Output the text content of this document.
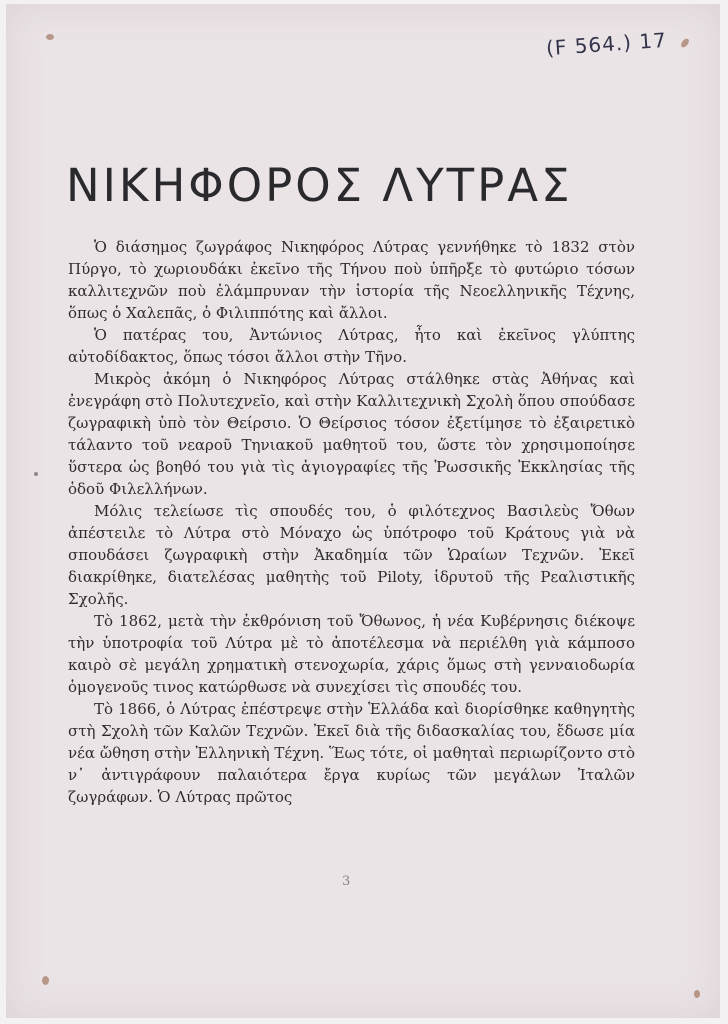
(F 564.) 17
ΝΙΚΗΦΟΡΟΣ ΛΥΤΡΑΣ

Ὁ διάσημος ζωγράφος Νικηφόρος Λύτρας γεννήθηκε τὸ 1832 στὸν Πύργο, τὸ χωριουδάκι ἐκεῖνο τῆς Τήνου ποὺ ὑπῆρξε τὸ φυτώριο τόσων καλλιτεχνῶν ποὺ ἐλάμπρυναν τὴν ἱστορία τῆς Νεοελληνικῆς Τέχνης, ὅπως ὁ Χαλεπᾶς, ὁ Φιλιππότης καὶ ἄλλοι.

Ὁ πατέρας του, Ἀντώνιος Λύτρας, ἦτο καὶ ἐκεῖνος γλύπτης αὐτοδίδακτος, ὅπως τόσοι ἄλλοι στὴν Τῆνο.

Μικρὸς ἀκόμη ὁ Νικηφόρος Λύτρας στάλθηκε στὰς Ἀθήνας καὶ ἐνεγράφη στὸ Πολυτεχνεῖο, καὶ στὴν Καλλιτεχνικὴ Σχολὴ ὅπου σπούδασε ζωγραφικὴ ὑπὸ τὸν Θείρσιο. Ὁ Θείρσιος τόσον ἐξετίμησε τὸ ἐξαιρετικὸ τάλαντο τοῦ νεαροῦ Τηνιακοῦ μαθητοῦ του, ὥστε τὸν χρησιμοποίησε ὕστερα ὡς βοηθό του γιὰ τὶς ἁγιογραφίες τῆς Ῥωσσικῆς Ἐκκλησίας τῆς ὁδοῦ Φιλελλήνων.

Μόλις τελείωσε τὶς σπουδές του, ὁ φιλότεχνος Βασιλεὺς Ὄθων ἀπέστειλε τὸ Λύτρα στὸ Μόναχο ὡς ὑπότροφο τοῦ Κράτους γιὰ νὰ σπουδάσει ζωγραφικὴ στὴν Ἀκαδημία τῶν Ὡραίων Τεχνῶν. Ἐκεῖ διακρίθηκε, διατελέσας μαθητὴς τοῦ Piloty, ἱδρυτοῦ τῆς Ρεαλιστικῆς Σχολῆς.

Τὸ 1862, μετὰ τὴν ἐκθρόνιση τοῦ Ὄθωνος, ἡ νέα Κυβέρνησις διέκοψε τὴν ὑποτροφία τοῦ Λύτρα μὲ τὸ ἀποτέλεσμα νὰ περιέλθη γιὰ κάμποσο καιρὸ σὲ μεγάλη χρηματικὴ στενοχωρία, χάρις ὅμως στὴ γενναιοδωρία ὁμογενοῦς τινος κατώρθωσε νὰ συνεχίσει τὶς σπουδές του.

Τὸ 1866, ὁ Λύτρας ἐπέστρεψε στὴν Ἑλλάδα καὶ διορίσθηκε καθηγητὴς στὴ Σχολὴ τῶν Καλῶν Τεχνῶν. Ἐκεῖ διὰ τῆς διδασκαλίας του, ἔδωσε μία νέα ὤθηση στὴν Ἑλληνικὴ Τέχνη. Ἕως τότε, οἱ μαθηταὶ περιωρίζοντο στὸ ν᾽ ἀντιγράφουν παλαιότερα ἔργα κυρίως τῶν μεγάλων Ἰταλῶν ζωγράφων. Ὁ Λύτρας πρῶτος

3
